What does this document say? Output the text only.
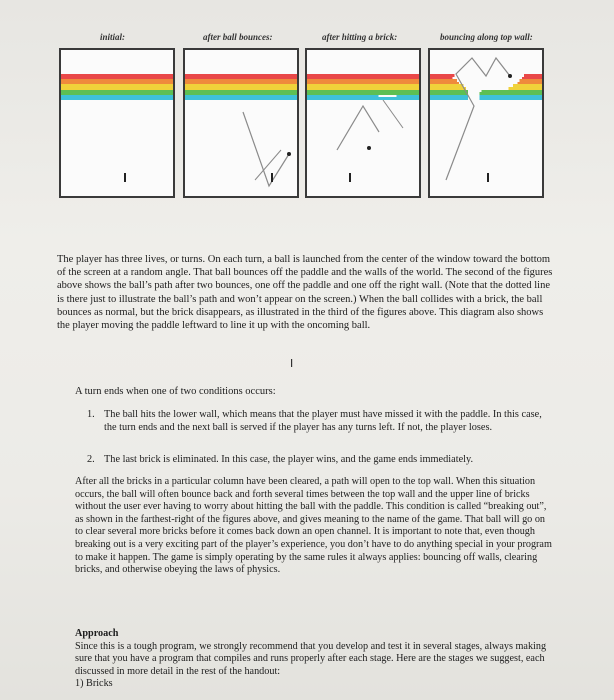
initial:	after ball bounces:	after hitting a brick:	bouncing along top wall:

The player has three lives, or turns. On each turn, a ball is launched from the center of the window toward the bottom of the screen at a random angle. That ball bounces off the paddle and the walls of the world. The second of the figures above shows the ball’s path after two bounces, one off the paddle and one off the right wall. (Note that the dotted line is there just to illustrate the ball’s path and won’t appear on the screen.) When the ball collides with a brick, the ball bounces as normal, but the brick disappears, as illustrated in the third of the figures above. This diagram also shows the player moving the paddle leftward to line it up with the oncoming ball.

I
A turn ends when one of two conditions occurs:
1. The ball hits the lower wall, which means that the player must have missed it with the paddle. In this case, the turn ends and the next ball is served if the player has any turns left. If not, the player loses.
2. The last brick is eliminated. In this case, the player wins, and the game ends immediately.

After all the bricks in a particular column have been cleared, a path will open to the top wall. When this situation occurs, the ball will often bounce back and forth several times between the top wall and the upper line of bricks without the user ever having to worry about hitting the ball with the paddle. This condition is called “breaking out”, as shown in the farthest-right of the figures above, and gives meaning to the name of the game. That ball will go on to clear several more bricks before it comes back down an open channel. It is important to note that, even though breaking out is a very exciting part of the player’s experience, you don’t have to do anything special in your program to make it happen. The game is simply operating by the same rules it always applies: bouncing off walls, clearing bricks, and otherwise obeying the laws of physics.

Approach
Since this is a tough program, we strongly recommend that you develop and test it in several stages, always making sure that you have a program that compiles and runs properly after each stage. Here are the stages we suggest, each discussed in more detail in the rest of the handout:
1) Bricks
